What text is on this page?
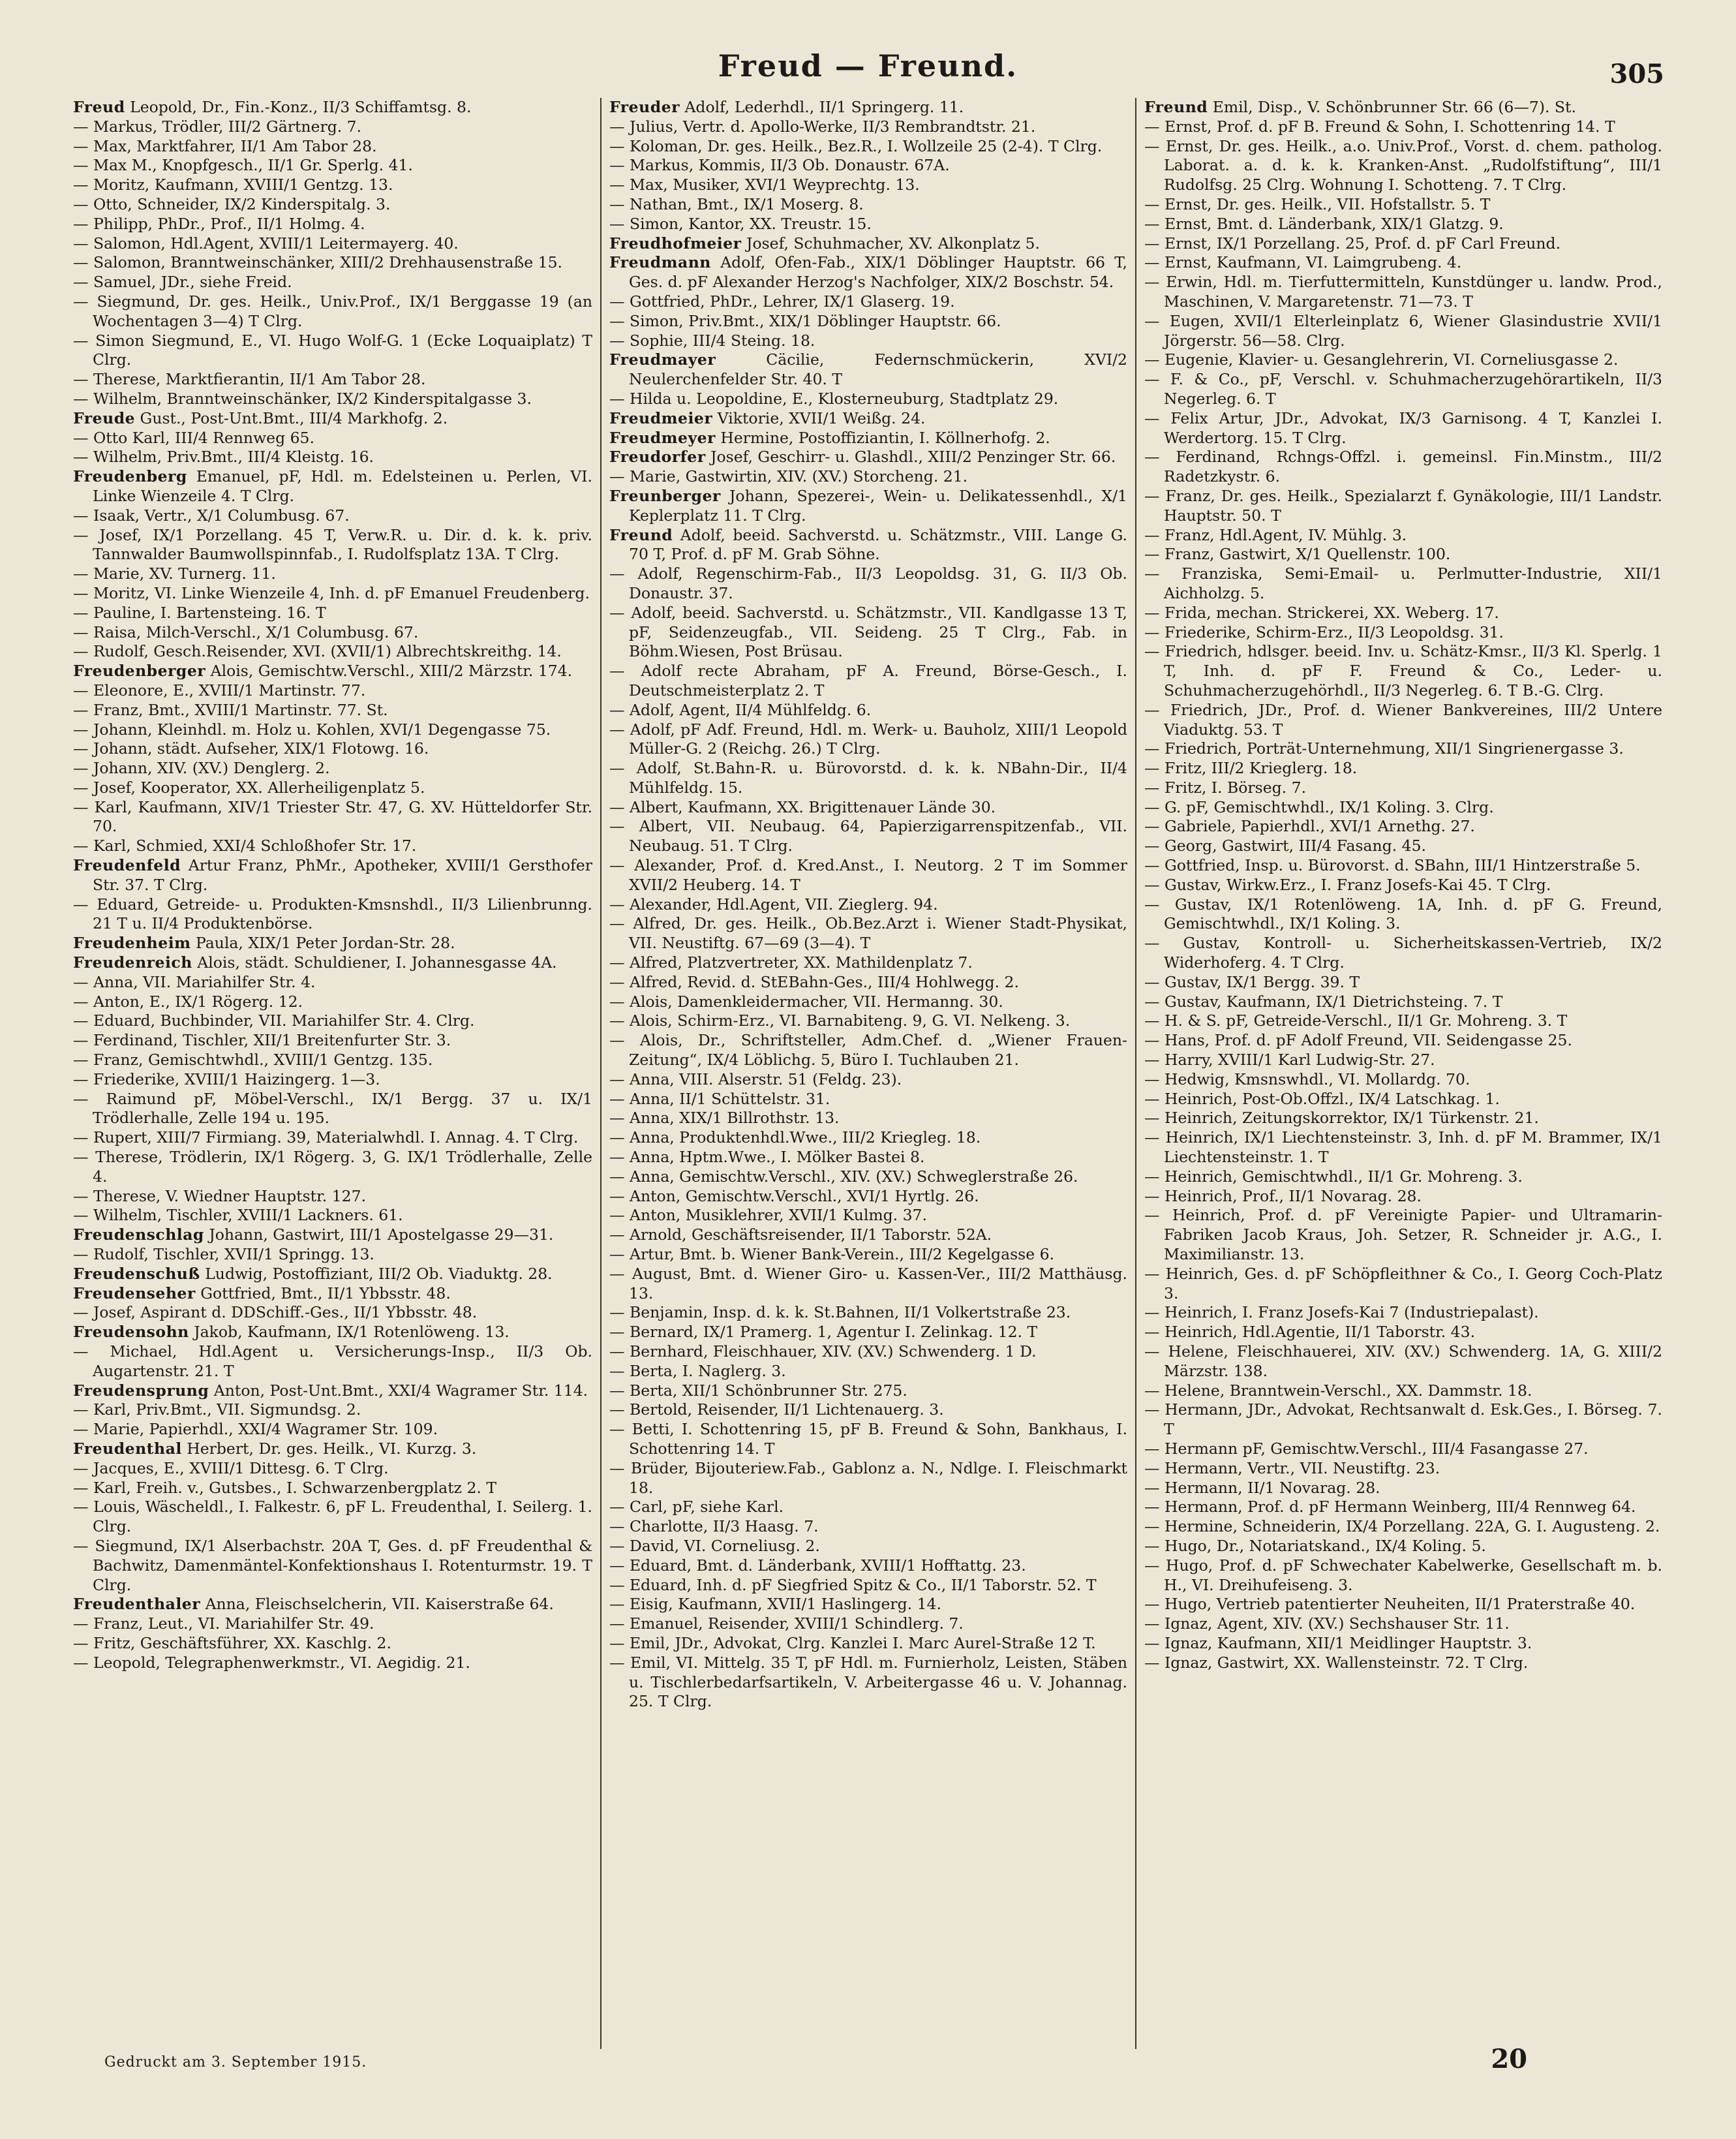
Freud — Freund.	305
Freud Leopold, Dr., Fin.-Konz., II/3 Schiffamtsg. 8.
— Markus, Trödler, III/2 Gärtnerg. 7.
— Max, Marktfahrer, II/1 Am Tabor 28.
— Max M., Knopfgesch., II/1 Gr. Sperlg. 41.
— Moritz, Kaufmann, XVIII/1 Gentzg. 13.
— Otto, Schneider, IX/2 Kinderspitalg. 3.
— Philipp, PhDr., Prof., II/1 Holmg. 4.
— Salomon, Hdl.Agent, XVIII/1 Leitermayerg. 40.
— Salomon, Branntweinschänker, XIII/2 Drehhausenstraße 15.
— Samuel, JDr., siehe Freid.
— Siegmund, Dr. ges. Heilk., Univ.Prof., IX/1 Berggasse 19 (an Wochentagen 3—4) T Clrg.
— Simon Siegmund, E., VI. Hugo Wolf-G. 1 (Ecke Loquaiplatz) T Clrg.
— Therese, Marktfierantin, II/1 Am Tabor 28.
— Wilhelm, Branntweinschänker, IX/2 Kinderspitalgasse 3.
Freude Gust., Post-Unt.Bmt., III/4 Markhofg. 2.
— Otto Karl, III/4 Rennweg 65.
— Wilhelm, Priv.Bmt., III/4 Kleistg. 16.
Freudenberg Emanuel, pF, Hdl. m. Edelsteinen u. Perlen, VI. Linke Wienzeile 4. T Clrg.
— Isaak, Vertr., X/1 Columbusg. 67.
— Josef, IX/1 Porzellang. 45 T, Verw.R. u. Dir. d. k. k. priv. Tannwalder Baumwollspinnfab., I. Rudolfsplatz 13A. T Clrg.
— Marie, XV. Turnerg. 11.
— Moritz, VI. Linke Wienzeile 4, Inh. d. pF Emanuel Freudenberg.
— Pauline, I. Bartensteing. 16. T
— Raisa, Milch-Verschl., X/1 Columbusg. 67.
— Rudolf, Gesch.Reisender, XVI. (XVII/1) Albrechtskreithg. 14.
Freudenberger Alois, Gemischtw.Verschl., XIII/2 Märzstr. 174.
— Eleonore, E., XVIII/1 Martinstr. 77.
— Franz, Bmt., XVIII/1 Martinstr. 77. St.
— Johann, Kleinhdl. m. Holz u. Kohlen, XVI/1 Degengasse 75.
— Johann, städt. Aufseher, XIX/1 Flotowg. 16.
— Johann, XIV. (XV.) Denglerg. 2.
— Josef, Kooperator, XX. Allerheiligenplatz 5.
— Karl, Kaufmann, XIV/1 Triester Str. 47, G. XV. Hütteldorfer Str. 70.
— Karl, Schmied, XXI/4 Schloßhofer Str. 17.
Freudenfeld Artur Franz, PhMr., Apotheker, XVIII/1 Gersthofer Str. 37. T Clrg.
— Eduard, Getreide- u. Produkten-Kmsnshdl., II/3 Lilienbrunng. 21 T u. II/4 Produktenbörse.
Freudenheim Paula, XIX/1 Peter Jordan-Str. 28.
Freudenreich Alois, städt. Schuldiener, I. Johannesgasse 4A.
— Anna, VII. Mariahilfer Str. 4.
— Anton, E., IX/1 Rögerg. 12.
— Eduard, Buchbinder, VII. Mariahilfer Str. 4. Clrg.
— Ferdinand, Tischler, XII/1 Breitenfurter Str. 3.
— Franz, Gemischtwhdl., XVIII/1 Gentzg. 135.
— Friederike, XVIII/1 Haizingerg. 1—3.
— Raimund pF, Möbel-Verschl., IX/1 Bergg. 37 u. IX/1 Trödlerhalle, Zelle 194 u. 195.
— Rupert, XIII/7 Firmiang. 39, Materialwhdl. I. Annag. 4. T Clrg.
— Therese, Trödlerin, IX/1 Rögerg. 3, G. IX/1 Trödlerhalle, Zelle 4.
— Therese, V. Wiedner Hauptstr. 127.
— Wilhelm, Tischler, XVIII/1 Lackners. 61.
Freudenschlag Johann, Gastwirt, III/1 Apostelgasse 29—31.
— Rudolf, Tischler, XVII/1 Springg. 13.
Freudenschuß Ludwig, Postoffiziant, III/2 Ob. Viaduktg. 28.
Freudenseher Gottfried, Bmt., II/1 Ybbsstr. 48.
— Josef, Aspirant d. DDSchiff.-Ges., II/1 Ybbsstr. 48.
Freudensohn Jakob, Kaufmann, IX/1 Rotenlöweng. 13.
— Michael, Hdl.Agent u. Versicherungs-Insp., II/3 Ob. Augartenstr. 21. T
Freudensprung Anton, Post-Unt.Bmt., XXI/4 Wagramer Str. 114.
— Karl, Priv.Bmt., VII. Sigmundsg. 2.
— Marie, Papierhdl., XXI/4 Wagramer Str. 109.
Freudenthal Herbert, Dr. ges. Heilk., VI. Kurzg. 3.
— Jacques, E., XVIII/1 Dittesg. 6. T Clrg.
— Karl, Freih. v., Gutsbes., I. Schwarzenbergplatz 2. T
— Louis, Wäscheldl., I. Falkestr. 6, pF L. Freudenthal, I. Seilerg. 1. Clrg.
— Siegmund, IX/1 Alserbachstr. 20A T, Ges. d. pF Freudenthal & Bachwitz, Damenmäntel-Konfektionshaus I. Rotenturmstr. 19. T Clrg.
Freudenthaler Anna, Fleischselcherin, VII. Kaiserstraße 64.
— Franz, Leut., VI. Mariahilfer Str. 49.
— Fritz, Geschäftsführer, XX. Kaschlg. 2.
— Leopold, Telegraphenwerkmstr., VI. Aegidig. 21.
Freuder Adolf, Lederhdl., II/1 Springerg. 11.
— Julius, Vertr. d. Apollo-Werke, II/3 Rembrandtstr. 21.
— Koloman, Dr. ges. Heilk., Bez.R., I. Wollzeile 25 (2-4). T Clrg.
— Markus, Kommis, II/3 Ob. Donaustr. 67A.
— Max, Musiker, XVI/1 Weyprechtg. 13.
— Nathan, Bmt., IX/1 Moserg. 8.
— Simon, Kantor, XX. Treustr. 15.
Freudhofmeier Josef, Schuhmacher, XV. Alkonplatz 5.
Freudmann Adolf, Ofen-Fab., XIX/1 Döblinger Hauptstr. 66 T, Ges. d. pF Alexander Herzog's Nachfolger, XIX/2 Boschstr. 54.
— Gottfried, PhDr., Lehrer, IX/1 Glaserg. 19.
— Simon, Priv.Bmt., XIX/1 Döblinger Hauptstr. 66.
— Sophie, III/4 Steing. 18.
Freudmayer Cäcilie, Federnschmückerin, XVI/2 Neulerchenfelder Str. 40. T
— Hilda u. Leopoldine, E., Klosterneuburg, Stadtplatz 29.
Freudmeier Viktorie, XVII/1 Weißg. 24.
Freudmeyer Hermine, Postoffiziantin, I. Köllnerhofg. 2.
Freudorfer Josef, Geschirr- u. Glashdl., XIII/2 Penzinger Str. 66.
— Marie, Gastwirtin, XIV. (XV.) Storcheng. 21.
Freunberger Johann, Spezerei-, Wein- u. Delikatessenhdl., X/1 Keplerplatz 11. T Clrg.
Freund Adolf, beeid. Sachverstd. u. Schätzmstr., VIII. Lange G. 70 T, Prof. d. pF M. Grab Söhne.
— Adolf, Regenschirm-Fab., II/3 Leopoldsg. 31, G. II/3 Ob. Donaustr. 37.
— Adolf, beeid. Sachverstd. u. Schätzmstr., VII. Kandlgasse 13 T, pF, Seidenzeugfab., VII. Seideng. 25 T Clrg., Fab. in Böhm.Wiesen, Post Brüsau.
— Adolf recte Abraham, pF A. Freund, Börse-Gesch., I. Deutschmeisterplatz 2. T
— Adolf, Agent, II/4 Mühlfeldg. 6.
— Adolf, pF Adf. Freund, Hdl. m. Werk- u. Bauholz, XIII/1 Leopold Müller-G. 2 (Reichg. 26.) T Clrg.
— Adolf, St.Bahn-R. u. Bürovorstd. d. k. k. NBahn-Dir., II/4 Mühlfeldg. 15.
— Albert, Kaufmann, XX. Brigittenauer Lände 30.
— Albert, VII. Neubaug. 64, Papierzigarrenspitzenfab., VII. Neubaug. 51. T Clrg.
— Alexander, Prof. d. Kred.Anst., I. Neutorg. 2 T im Sommer XVII/2 Heuberg. 14. T
— Alexander, Hdl.Agent, VII. Zieglerg. 94.
— Alfred, Dr. ges. Heilk., Ob.Bez.Arzt i. Wiener Stadt-Physikat, VII. Neustiftg. 67—69 (3—4). T
— Alfred, Platzvertreter, XX. Mathildenplatz 7.
— Alfred, Revid. d. StEBahn-Ges., III/4 Hohlwegg. 2.
— Alois, Damenkleidermacher, VII. Hermanng. 30.
— Alois, Schirm-Erz., VI. Barnabiteng. 9, G. VI. Nelkeng. 3.
— Alois, Dr., Schriftsteller, Adm.Chef. d. „Wiener Frauen-Zeitung“, IX/4 Löblichg. 5, Büro I. Tuchlauben 21.
— Anna, VIII. Alserstr. 51 (Feldg. 23).
— Anna, II/1 Schüttelstr. 31.
— Anna, XIX/1 Billrothstr. 13.
— Anna, Produktenhdl.Wwe., III/2 Kriegleg. 18.
— Anna, Hptm.Wwe., I. Mölker Bastei 8.
— Anna, Gemischtw.Verschl., XIV. (XV.) Schweglerstraße 26.
— Anton, Gemischtw.Verschl., XVI/1 Hyrtlg. 26.
— Anton, Musiklehrer, XVII/1 Kulmg. 37.
— Arnold, Geschäftsreisender, II/1 Taborstr. 52A.
— Artur, Bmt. b. Wiener Bank-Verein., III/2 Kegelgasse 6.
— August, Bmt. d. Wiener Giro- u. Kassen-Ver., III/2 Matthäusg. 13.
— Benjamin, Insp. d. k. k. St.Bahnen, II/1 Volkertstraße 23.
— Bernard, IX/1 Pramerg. 1, Agentur I. Zelinkag. 12. T
— Bernhard, Fleischhauer, XIV. (XV.) Schwenderg. 1 D.
— Berta, I. Naglerg. 3.
— Berta, XII/1 Schönbrunner Str. 275.
— Bertold, Reisender, II/1 Lichtenauerg. 3.
— Betti, I. Schottenring 15, pF B. Freund & Sohn, Bankhaus, I. Schottenring 14. T
— Brüder, Bijouteriew.Fab., Gablonz a. N., Ndlge. I. Fleischmarkt 18.
— Carl, pF, siehe Karl.
— Charlotte, II/3 Haasg. 7.
— David, VI. Corneliusg. 2.
— Eduard, Bmt. d. Länderbank, XVIII/1 Hofftattg. 23.
— Eduard, Inh. d. pF Siegfried Spitz & Co., II/1 Taborstr. 52. T
— Eisig, Kaufmann, XVII/1 Haslingerg. 14.
— Emanuel, Reisender, XVIII/1 Schindlerg. 7.
— Emil, JDr., Advokat, Clrg. Kanzlei I. Marc Aurel-Straße 12 T.
— Emil, VI. Mittelg. 35 T, pF Hdl. m. Furnierholz, Leisten, Stäben u. Tischlerbedarfsartikeln, V. Arbeitergasse 46 u. V. Johannag. 25. T Clrg.
Freund Emil, Disp., V. Schönbrunner Str. 66 (6—7). St.
— Ernst, Prof. d. pF B. Freund & Sohn, I. Schottenring 14. T
— Ernst, Dr. ges. Heilk., a.o. Univ.Prof., Vorst. d. chem. patholog. Laborat. a. d. k. k. Kranken-Anst. „Rudolfstiftung“, III/1 Rudolfsg. 25 Clrg. Wohnung I. Schotteng. 7. T Clrg.
— Ernst, Dr. ges. Heilk., VII. Hofstallstr. 5. T
— Ernst, Bmt. d. Länderbank, XIX/1 Glatzg. 9.
— Ernst, IX/1 Porzellang. 25, Prof. d. pF Carl Freund.
— Ernst, Kaufmann, VI. Laimgrubeng. 4.
— Erwin, Hdl. m. Tierfuttermitteln, Kunstdünger u. landw. Prod., Maschinen, V. Margaretenstr. 71—73. T
— Eugen, XVII/1 Elterleinplatz 6, Wiener Glasindustrie XVII/1 Jörgerstr. 56—58. Clrg.
— Eugenie, Klavier- u. Gesanglehrerin, VI. Corneliusgasse 2.
— F. & Co., pF, Verschl. v. Schuhmacherzugehörartikeln, II/3 Negerleg. 6. T
— Felix Artur, JDr., Advokat, IX/3 Garnisong. 4 T, Kanzlei I. Werdertorg. 15. T Clrg.
— Ferdinand, Rchngs-Offzl. i. gemeinsl. Fin.Minstm., III/2 Radetzkystr. 6.
— Franz, Dr. ges. Heilk., Spezialarzt f. Gynäkologie, III/1 Landstr. Hauptstr. 50. T
— Franz, Hdl.Agent, IV. Mühlg. 3.
— Franz, Gastwirt, X/1 Quellenstr. 100.
— Franziska, Semi-Email- u. Perlmutter-Industrie, XII/1 Aichholzg. 5.
— Frida, mechan. Strickerei, XX. Weberg. 17.
— Friederike, Schirm-Erz., II/3 Leopoldsg. 31.
— Friedrich, hdlsger. beeid. Inv. u. Schätz-Kmsr., II/3 Kl. Sperlg. 1 T, Inh. d. pF F. Freund & Co., Leder- u. Schuhmacherzugehörhdl., II/3 Negerleg. 6. T B.-G. Clrg.
— Friedrich, JDr., Prof. d. Wiener Bankvereines, III/2 Untere Viaduktg. 53. T
— Friedrich, Porträt-Unternehmung, XII/1 Singrienergasse 3.
— Fritz, III/2 Krieglerg. 18.
— Fritz, I. Börseg. 7.
— G. pF, Gemischtwhdl., IX/1 Koling. 3. Clrg.
— Gabriele, Papierhdl., XVI/1 Arnethg. 27.
— Georg, Gastwirt, III/4 Fasang. 45.
— Gottfried, Insp. u. Bürovorst. d. SBahn, III/1 Hintzerstraße 5.
— Gustav, Wirkw.Erz., I. Franz Josefs-Kai 45. T Clrg.
— Gustav, IX/1 Rotenlöweng. 1A, Inh. d. pF G. Freund, Gemischtwhdl., IX/1 Koling. 3.
— Gustav, Kontroll- u. Sicherheitskassen-Vertrieb, IX/2 Widerhoferg. 4. T Clrg.
— Gustav, IX/1 Bergg. 39. T
— Gustav, Kaufmann, IX/1 Dietrichsteing. 7. T
— H. & S. pF, Getreide-Verschl., II/1 Gr. Mohreng. 3. T
— Hans, Prof. d. pF Adolf Freund, VII. Seidengasse 25.
— Harry, XVIII/1 Karl Ludwig-Str. 27.
— Hedwig, Kmsnswhdl., VI. Mollardg. 70.
— Heinrich, Post-Ob.Offzl., IX/4 Latschkag. 1.
— Heinrich, Zeitungskorrektor, IX/1 Türkenstr. 21.
— Heinrich, IX/1 Liechtensteinstr. 3, Inh. d. pF M. Brammer, IX/1 Liechtensteinstr. 1. T
— Heinrich, Gemischtwhdl., II/1 Gr. Mohreng. 3.
— Heinrich, Prof., II/1 Novarag. 28.
— Heinrich, Prof. d. pF Vereinigte Papier- und Ultramarin-Fabriken Jacob Kraus, Joh. Setzer, R. Schneider jr. A.G., I. Maximilianstr. 13.
— Heinrich, Ges. d. pF Schöpfleithner & Co., I. Georg Coch-Platz 3.
— Heinrich, I. Franz Josefs-Kai 7 (Industriepalast).
— Heinrich, Hdl.Agentie, II/1 Taborstr. 43.
— Helene, Fleischhauerei, XIV. (XV.) Schwenderg. 1A, G. XIII/2 Märzstr. 138.
— Helene, Branntwein-Verschl., XX. Dammstr. 18.
— Hermann, JDr., Advokat, Rechtsanwalt d. Esk.Ges., I. Börseg. 7. T
— Hermann pF, Gemischtw.Verschl., III/4 Fasangasse 27.
— Hermann, Vertr., VII. Neustiftg. 23.
— Hermann, II/1 Novarag. 28.
— Hermann, Prof. d. pF Hermann Weinberg, III/4 Rennweg 64.
— Hermine, Schneiderin, IX/4 Porzellang. 22A, G. I. Augusteng. 2.
— Hugo, Dr., Notariatskand., IX/4 Koling. 5.
— Hugo, Prof. d. pF Schwechater Kabelwerke, Gesellschaft m. b. H., VI. Dreihufeiseng. 3.
— Hugo, Vertrieb patentierter Neuheiten, II/1 Praterstraße 40.
— Ignaz, Agent, XIV. (XV.) Sechshauser Str. 11.
— Ignaz, Kaufmann, XII/1 Meidlinger Hauptstr. 3.
— Ignaz, Gastwirt, XX. Wallensteinstr. 72. T Clrg.
Gedruckt am 3. September 1915.	20
